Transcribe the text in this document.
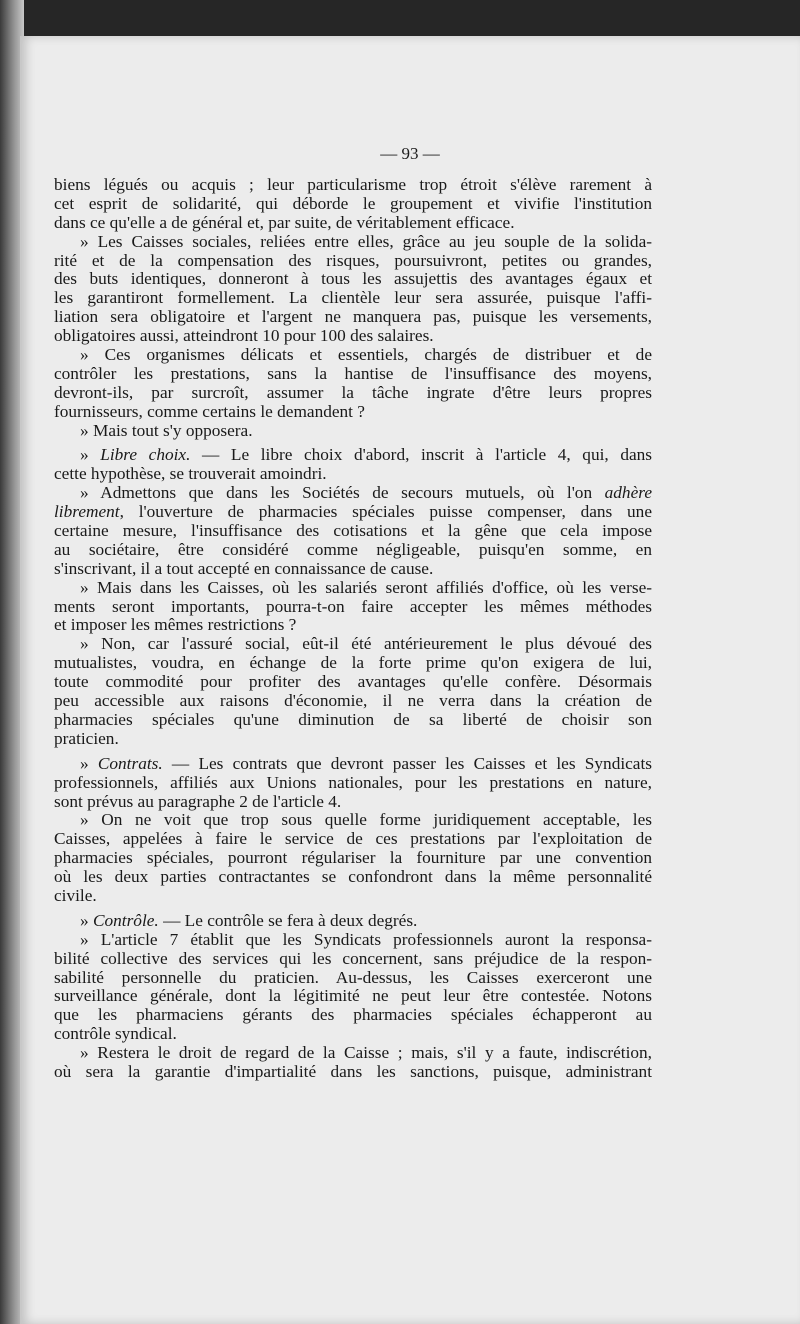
— 93 —
biens légués ou acquis ; leur particularisme trop étroit s'élève rarement à
cet esprit de solidarité, qui déborde le groupement et vivifie l'institution
dans ce qu'elle a de général et, par suite, de véritablement efficace.
» Les Caisses sociales, reliées entre elles, grâce au jeu souple de la solida-
rité et de la compensation des risques, poursuivront, petites ou grandes,
des buts identiques, donneront à tous les assujettis des avantages égaux et
les garantiront formellement. La clientèle leur sera assurée, puisque l'affi-
liation sera obligatoire et l'argent ne manquera pas, puisque les versements,
obligatoires aussi, atteindront 10 pour 100 des salaires.
» Ces organismes délicats et essentiels, chargés de distribuer et de
contrôler les prestations, sans la hantise de l'insuffisance des moyens,
devront-ils, par surcroît, assumer la tâche ingrate d'être leurs propres
fournisseurs, comme certains le demandent ?
» Mais tout s'y opposera.
» Libre choix. — Le libre choix d'abord, inscrit à l'article 4, qui, dans
cette hypothèse, se trouverait amoindri.
» Admettons que dans les Sociétés de secours mutuels, où l'on adhère
librement, l'ouverture de pharmacies spéciales puisse compenser, dans une
certaine mesure, l'insuffisance des cotisations et la gêne que cela impose
au sociétaire, être considéré comme négligeable, puisqu'en somme, en
s'inscrivant, il a tout accepté en connaissance de cause.
» Mais dans les Caisses, où les salariés seront affiliés d'office, où les verse-
ments seront importants, pourra-t-on faire accepter les mêmes méthodes
et imposer les mêmes restrictions ?
» Non, car l'assuré social, eût-il été antérieurement le plus dévoué des
mutualistes, voudra, en échange de la forte prime qu'on exigera de lui,
toute commodité pour profiter des avantages qu'elle confère. Désormais
peu accessible aux raisons d'économie, il ne verra dans la création de
pharmacies spéciales qu'une diminution de sa liberté de choisir son
praticien.
» Contrats. — Les contrats que devront passer les Caisses et les Syndicats
professionnels, affiliés aux Unions nationales, pour les prestations en nature,
sont prévus au paragraphe 2 de l'article 4.
» On ne voit que trop sous quelle forme juridiquement acceptable, les
Caisses, appelées à faire le service de ces prestations par l'exploitation de
pharmacies spéciales, pourront régulariser la fourniture par une convention
où les deux parties contractantes se confondront dans la même personnalité
civile.
» Contrôle. — Le contrôle se fera à deux degrés.
» L'article 7 établit que les Syndicats professionnels auront la responsa-
bilité collective des services qui les concernent, sans préjudice de la respon-
sabilité personnelle du praticien. Au-dessus, les Caisses exerceront une
surveillance générale, dont la légitimité ne peut leur être contestée. Notons
que les pharmaciens gérants des pharmacies spéciales échapperont au
contrôle syndical.
» Restera le droit de regard de la Caisse ; mais, s'il y a faute, indiscrétion,
où sera la garantie d'impartialité dans les sanctions, puisque, administrant
